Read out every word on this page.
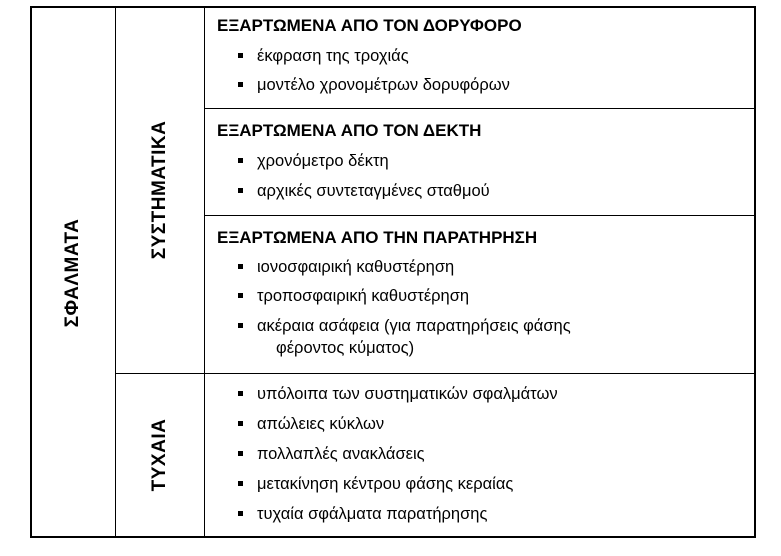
ΣΦΑΛΜΑΤΑ
ΣΥΣΤΗΜΑΤΙΚΑ
ΤΥΧΑΙΑ
ΕΞΑΡΤΩΜΕΝΑ ΑΠΟ ΤΟΝ ΔΟΡΥΦΟΡΟ
έκφραση της τροχιάς
μοντέλο χρονομέτρων δορυφόρων
ΕΞΑΡΤΩΜΕΝΑ ΑΠΟ ΤΟΝ ΔΕΚΤΗ
χρονόμετρο δέκτη
αρχικές συντεταγμένες σταθμού
ΕΞΑΡΤΩΜΕΝΑ ΑΠΟ ΤΗΝ ΠΑΡΑΤΗΡΗΣΗ
ιονοσφαιρική καθυστέρηση
τροποσφαιρική καθυστέρηση
ακέραια ασάφεια (για παρατηρήσεις φάσης
φέροντος κύματος)
υπόλοιπα των συστηματικών σφαλμάτων
απώλειες κύκλων
πολλαπλές ανακλάσεις
μετακίνηση κέντρου φάσης κεραίας
τυχαία σφάλματα παρατήρησης
